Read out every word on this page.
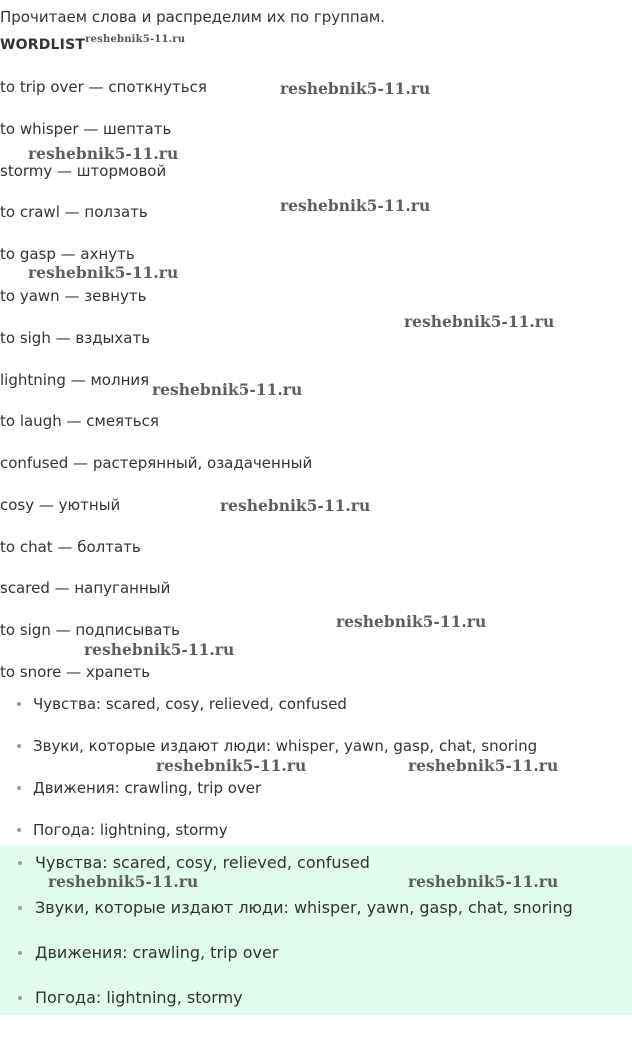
Прочитаем слова и распределим их по группам.
$WORDLIST^{reshebnik5-11.ru}$
to trip over — споткнуться
to whisper — шептать
stormy — штормовой
to crawl — ползать
to gasp — ахнуть
to yawn — зевнуть
to sigh — вздыхать
lightning — молния
to laugh — смеяться
confused — растерянный, озадаченный
cosy — уютный
to chat — болтать
scared — напуганный
to sign — подписывать
to snore — храпеть
Чувства: scared, cosy, relieved, confused
Звуки, которые издают люди: whisper, yawn, gasp, chat, snoring
Движения: crawling, trip over
Погода: lightning, stormy
Чувства: scared, cosy, relieved, confused
Звуки, которые издают люди: whisper, yawn, gasp, chat, snoring
Движения: crawling, trip over
Погода: lightning, stormy
reshebnik5-11.ru
reshebnik5-11.ru
reshebnik5-11.ru
reshebnik5-11.ru
reshebnik5-11.ru
reshebnik5-11.ru
reshebnik5-11.ru
reshebnik5-11.ru
reshebnik5-11.ru
reshebnik5-11.ru	reshebnik5-11.ru
reshebnik5-11.ru	reshebnik5-11.ru
